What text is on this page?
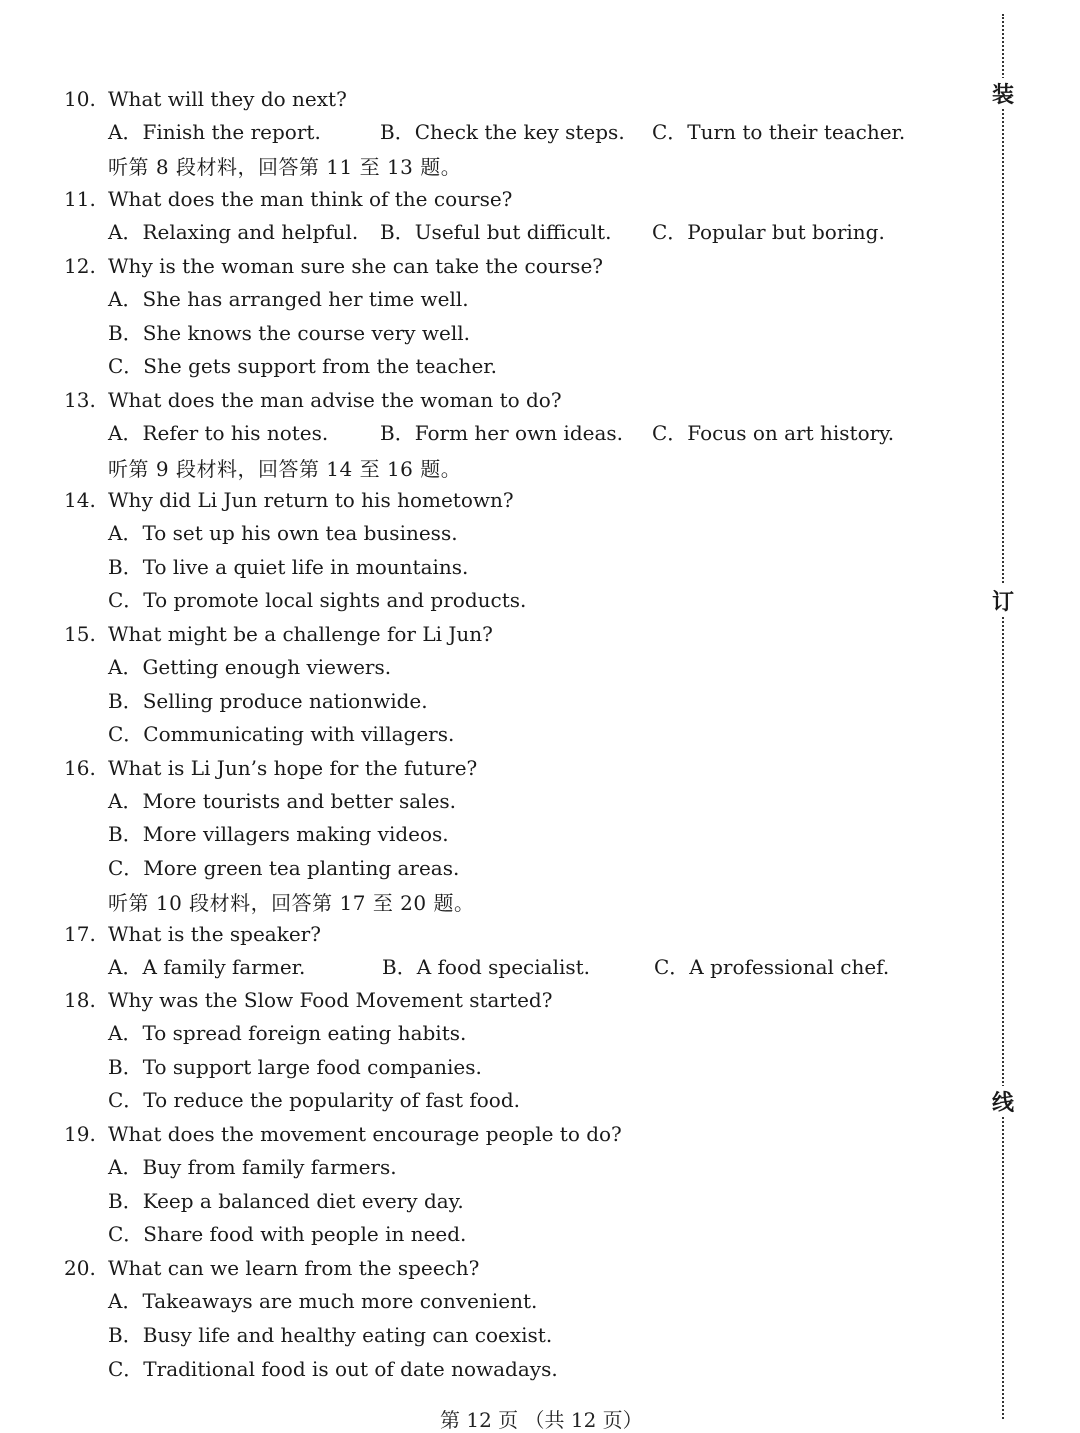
装
订
线
10. What will they do next?
A．Finish the report.	B．Check the key steps. C．Turn to their teacher.
听第 8 段材料，回答第 11 至 13 题。
11. What does the man think of the course?
A．Relaxing and helpful. B．Useful but difficult. C．Popular but boring.
12. Why is the woman sure she can take the course?
A．She has arranged her time well.
B．She knows the course very well.
C．She gets support from the teacher.
13. What does the man advise the woman to do?
A．Refer to his notes.	B．Form her own ideas. C．Focus on art history.
听第 9 段材料，回答第 14 至 16 题。
14. Why did Li Jun return to his hometown?
A．To set up his own tea business.
B．To live a quiet life in mountains.
C．To promote local sights and products.
15. What might be a challenge for Li Jun?
A．Getting enough viewers.
B．Selling produce nationwide.
C．Communicating with villagers.
16. What is Li Jun’s hope for the future?
A．More tourists and better sales.
B．More villagers making videos.
C．More green tea planting areas.
听第 10 段材料，回答第 17 至 20 题。
17. What is the speaker?
A．A family farmer.	B．A food specialist.	C．A professional chef.
18. Why was the Slow Food Movement started?
A．To spread foreign eating habits.
B．To support large food companies.
C．To reduce the popularity of fast food.
19. What does the movement encourage people to do?
A．Buy from family farmers.
B．Keep a balanced diet every day.
C．Share food with people in need.
20. What can we learn from the speech?
A．Takeaways are much more convenient.
B．Busy life and healthy eating can coexist.
C．Traditional food is out of date nowadays.
第 12 页 （共 12 页）
